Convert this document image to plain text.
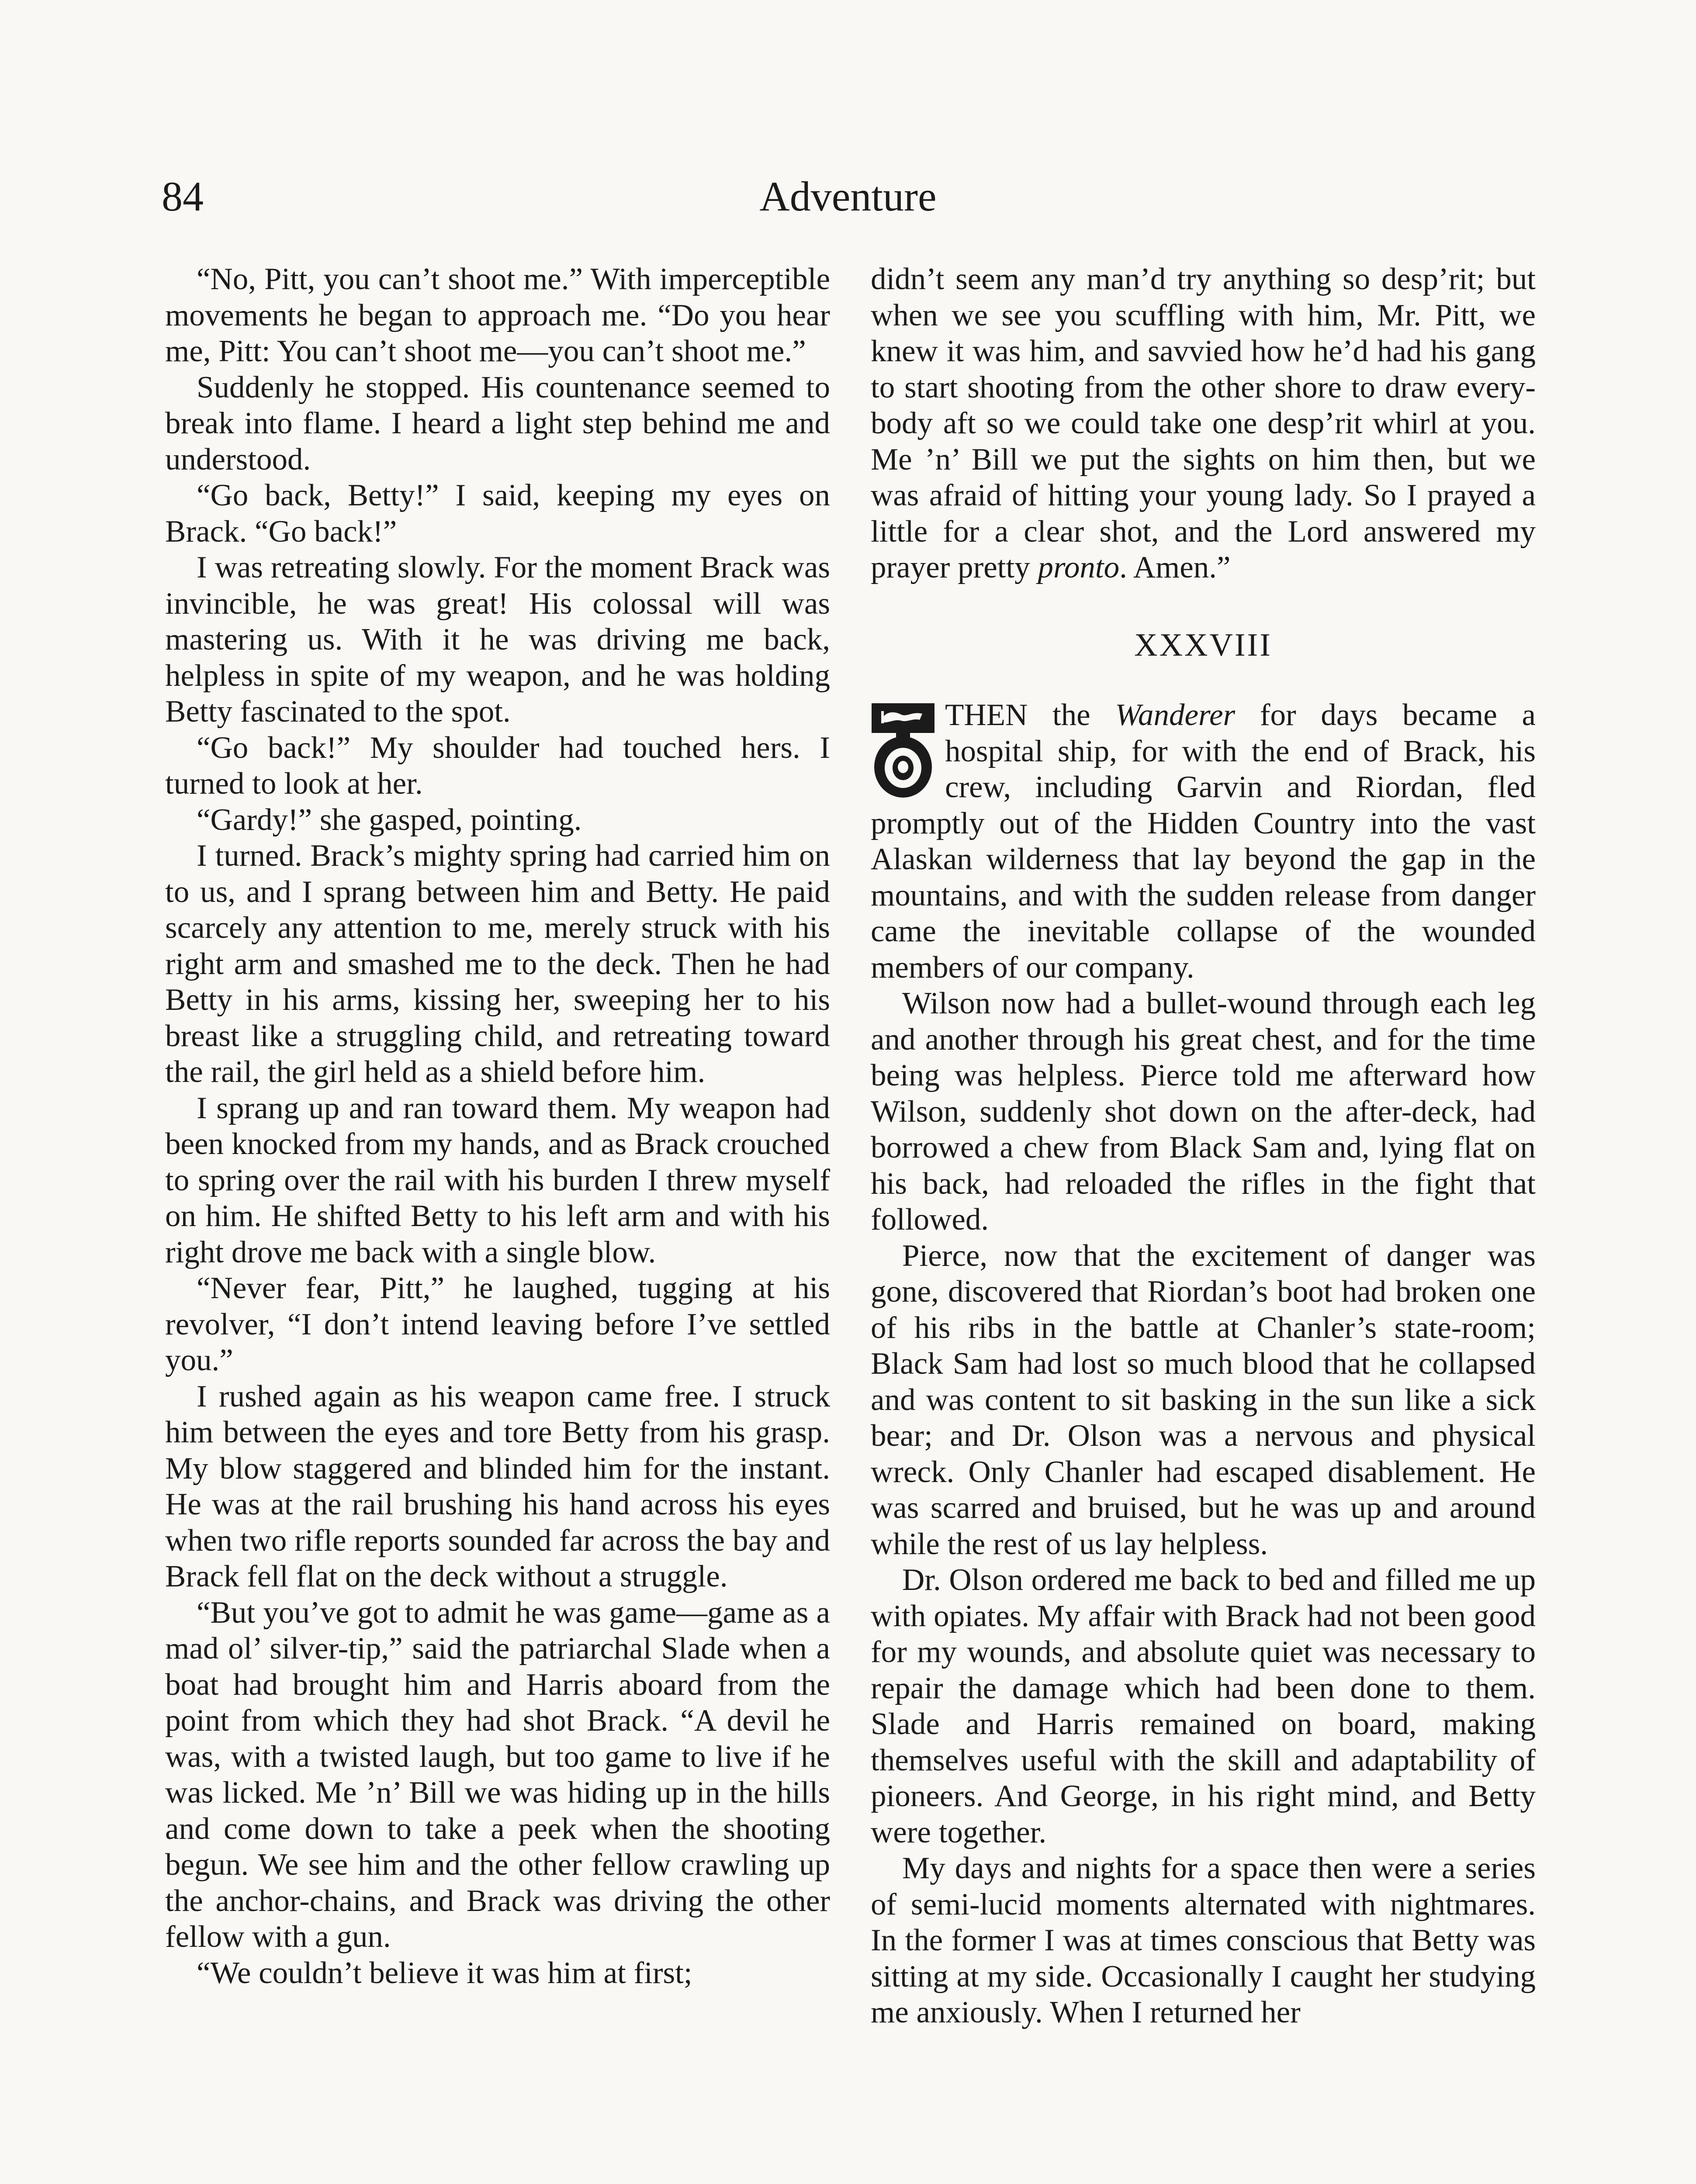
84	Adventure

“No, Pitt, you can’t shoot me.” With imperceptible movements he began to approach me. “Do you hear me, Pitt: You can’t shoot me—you can’t shoot me.”

Suddenly he stopped. His countenance seemed to break into flame. I heard a light step behind me and understood.

“Go back, Betty!” I said, keeping my eyes on Brack. “Go back!”

I was retreating slowly. For the moment Brack was invincible, he was great! His colossal will was mastering us. With it he was driving me back, helpless in spite of my weapon, and he was holding Betty fascinated to the spot.

“Go back!” My shoulder had touched hers. I turned to look at her.

“Gardy!” she gasped, pointing.

I turned. Brack’s mighty spring had carried him on to us, and I sprang between him and Betty. He paid scarcely any attention to me, merely struck with his right arm and smashed me to the deck. Then he had Betty in his arms, kissing her, sweeping her to his breast like a struggling child, and retreating toward the rail, the girl held as a shield before him.

I sprang up and ran toward them. My weapon had been knocked from my hands, and as Brack crouched to spring over the rail with his burden I threw myself on him. He shifted Betty to his left arm and with his right drove me back with a single blow.

“Never fear, Pitt,” he laughed, tugging at his revolver, “I don’t intend leaving before I’ve settled you.”

I rushed again as his weapon came free. I struck him between the eyes and tore Betty from his grasp. My blow staggered and blinded him for the instant. He was at the rail brushing his hand across his eyes when two rifle reports sounded far across the bay and Brack fell flat on the deck without a struggle.

“But you’ve got to admit he was game—game as a mad ol’ silver-tip,” said the patriarchal Slade when a boat had brought him and Harris aboard from the point from which they had shot Brack. “A devil he was, with a twisted laugh, but too game to live if he was licked. Me ’n’ Bill we was hiding up in the hills and come down to take a peek when the shooting begun. We see him and the other fellow crawling up the anchor-chains, and Brack was driving the other fellow with a gun.

“We couldn’t believe it was him at first;

didn’t seem any man’d try anything so desp’rit; but when we see you scuffling with him, Mr. Pitt, we knew it was him, and savvied how he’d had his gang to start shooting from the other shore to draw everybody aft so we could take one desp’rit whirl at you. Me ’n’ Bill we put the sights on him then, but we was afraid of hitting your young lady. So I prayed a little for a clear shot, and the Lord answered my prayer pretty pronto. Amen.”

XXXVIII

THEN the Wanderer for days became a hospital ship, for with the end of Brack, his crew, including Garvin and Riordan, fled promptly out of the Hidden Country into the vast Alaskan wilderness that lay beyond the gap in the mountains, and with the sudden release from danger came the inevitable collapse of the wounded members of our company.

Wilson now had a bullet-wound through each leg and another through his great chest, and for the time being was helpless. Pierce told me afterward how Wilson, suddenly shot down on the after-deck, had borrowed a chew from Black Sam and, lying flat on his back, had reloaded the rifles in the fight that followed.

Pierce, now that the excitement of danger was gone, discovered that Riordan’s boot had broken one of his ribs in the battle at Chanler’s state-room; Black Sam had lost so much blood that he collapsed and was content to sit basking in the sun like a sick bear; and Dr. Olson was a nervous and physical wreck. Only Chanler had escaped disablement. He was scarred and bruised, but he was up and around while the rest of us lay helpless.

Dr. Olson ordered me back to bed and filled me up with opiates. My affair with Brack had not been good for my wounds, and absolute quiet was necessary to repair the damage which had been done to them. Slade and Harris remained on board, making themselves useful with the skill and adaptability of pioneers. And George, in his right mind, and Betty were together.

My days and nights for a space then were a series of semi-lucid moments alternated with nightmares. In the former I was at times conscious that Betty was sitting at my side. Occasionally I caught her studying me anxiously. When I returned her
